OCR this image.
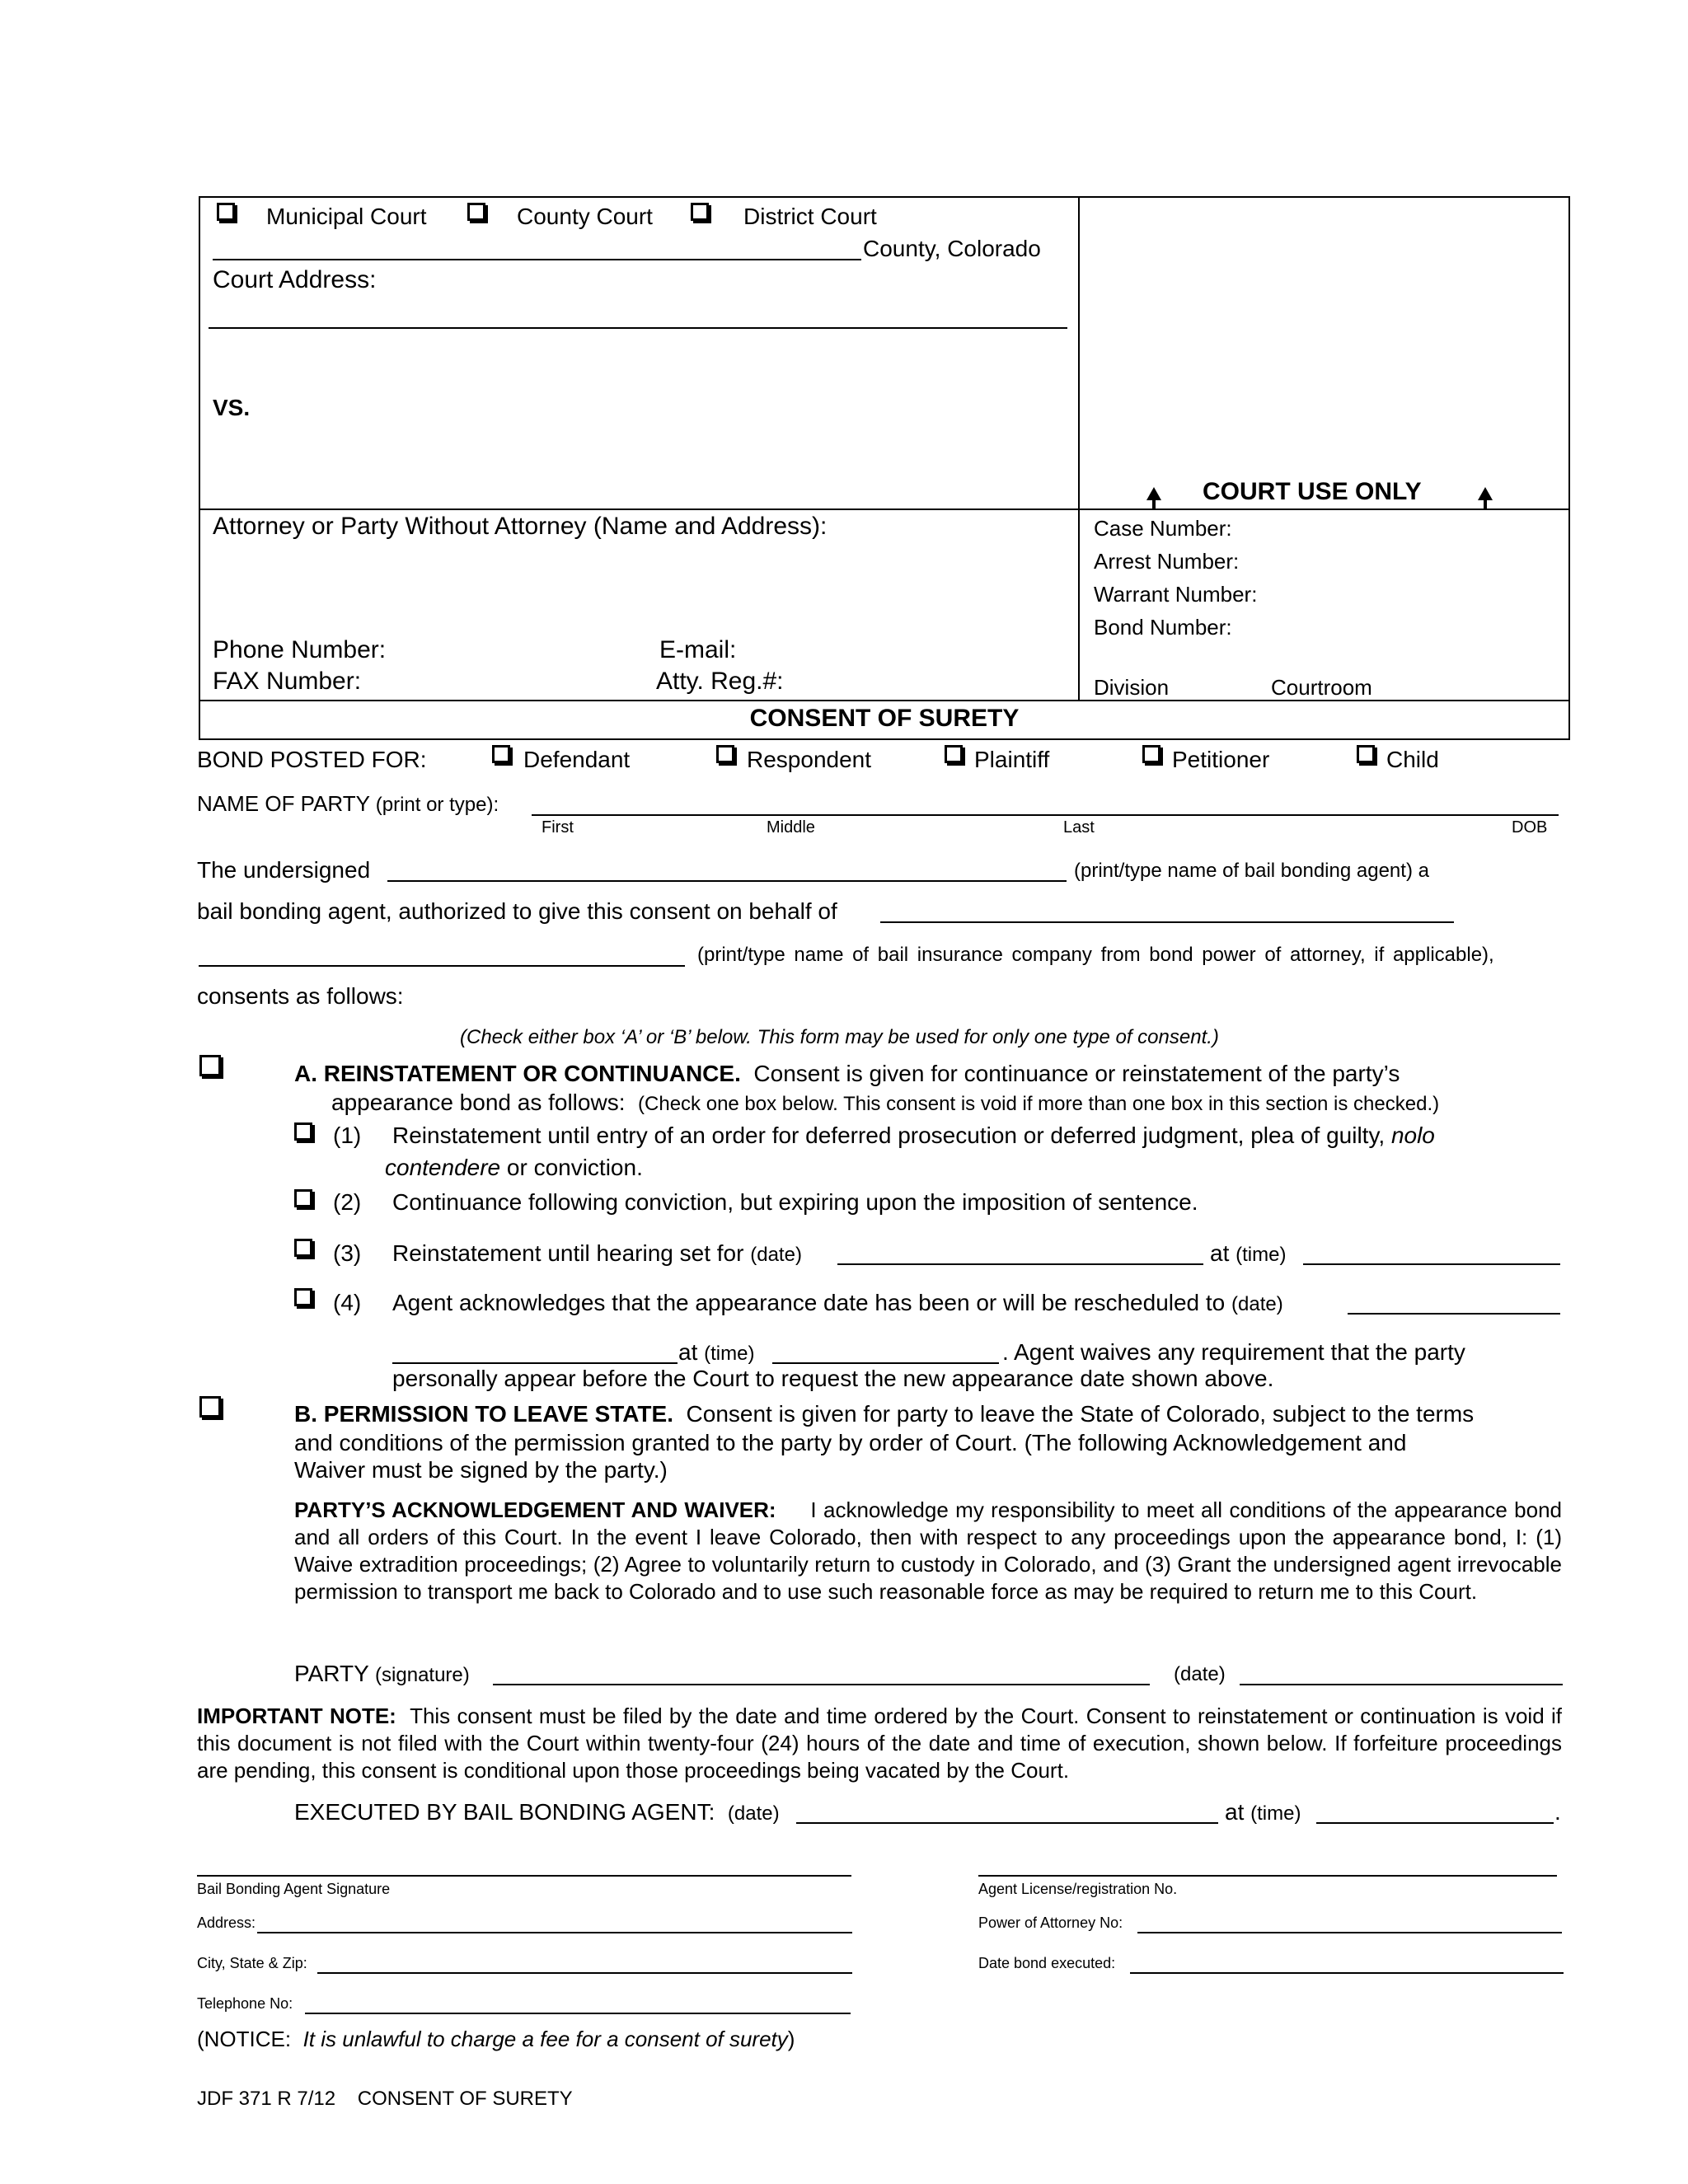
Municipal Court	County Court	District Court
County, Colorado
Court Address:
VS.
COURT USE ONLY
Attorney or Party Without Attorney (Name and Address):
Phone Number:	E-mail:
FAX Number:	Atty. Reg.#:
Case Number:
Arrest Number:
Warrant Number:
Bond Number:
Division	Courtroom
CONSENT OF SURETY
BOND POSTED FOR:	Defendant	Respondent	Plaintiff	Petitioner	Child
NAME OF PARTY (print or type):
First	Middle	Last	DOB
The undersigned	(print/type name of bail bonding agent) a
bail bonding agent, authorized to give this consent on behalf of
(print/type name of bail insurance company from bond power of attorney, if applicable),
consents as follows:
(Check either box ‘A’ or ‘B’ below. This form may be used for only one type of consent.)
A. REINSTATEMENT OR CONTINUANCE. Consent is given for continuance or reinstatement of the party’s
appearance bond as follows: (Check one box below. This consent is void if more than one box in this section is checked.)
(1) Reinstatement until entry of an order for deferred prosecution or deferred judgment, plea of guilty, nolo
contendere or conviction.
(2) Continuance following conviction, but expiring upon the imposition of sentence.
(3) Reinstatement until hearing set for (date)	at (time)
(4) Agent acknowledges that the appearance date has been or will be rescheduled to (date)
at (time)	. Agent waives any requirement that the party
personally appear before the Court to request the new appearance date shown above.
B. PERMISSION TO LEAVE STATE. Consent is given for party to leave the State of Colorado, subject to the terms
and conditions of the permission granted to the party by order of Court. (The following Acknowledgement and
Waiver must be signed by the party.)
PARTY’S ACKNOWLEDGEMENT AND WAIVER: I acknowledge my responsibility to meet all conditions of the appearance bond and all orders of this Court. In the event I leave Colorado, then with respect to any proceedings upon the appearance bond, I: (1) Waive extradition proceedings; (2) Agree to voluntarily return to custody in Colorado, and (3) Grant the undersigned agent irrevocable permission to transport me back to Colorado and to use such reasonable force as may be required to return me to this Court.
PARTY (signature)	(date)
IMPORTANT NOTE: This consent must be filed by the date and time ordered by the Court. Consent to reinstatement or continuation is void if this document is not filed with the Court within twenty-four (24) hours of the date and time of execution, shown below. If forfeiture proceedings are pending, this consent is conditional upon those proceedings being vacated by the Court.
EXECUTED BY BAIL BONDING AGENT: (date)	at (time)	.
Bail Bonding Agent Signature	Agent License/registration No.
Address:	Power of Attorney No:
City, State & Zip:	Date bond executed:
Telephone No:
(NOTICE: It is unlawful to charge a fee for a consent of surety)
JDF 371 R 7/12 CONSENT OF SURETY
